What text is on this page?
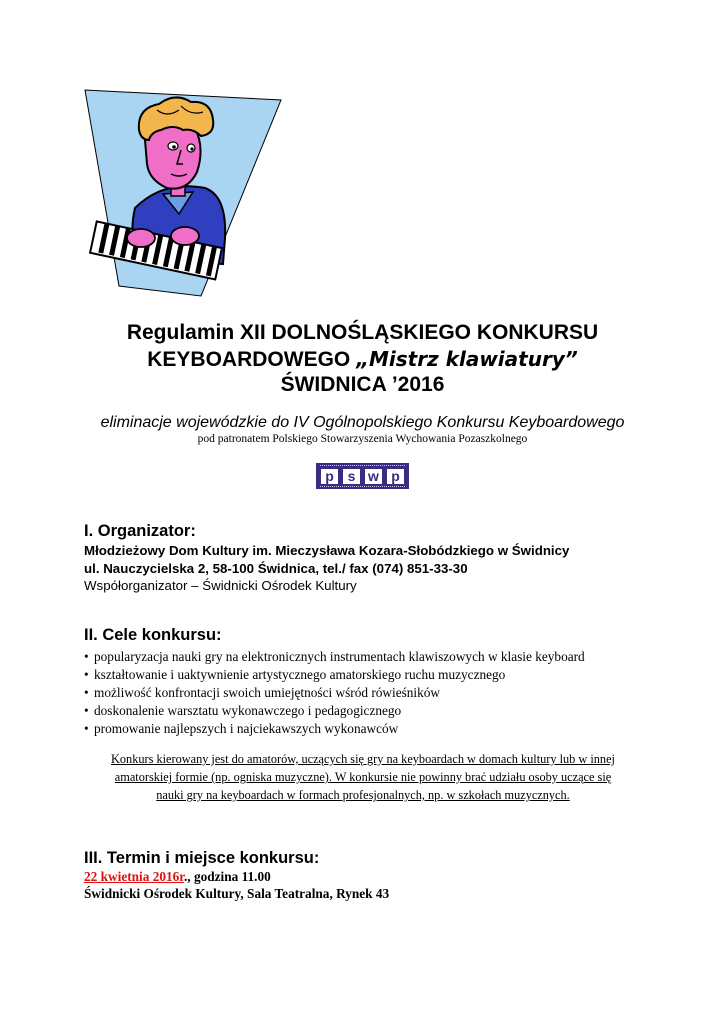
Regulamin XII DOLNOŚLĄSKIEGO KONKURSU
KEYBOARDOWEGO „Mistrz klawiatury”
ŚWIDNICA ’2016
eliminacje wojewódzkie do IV Ogólnopolskiego Konkursu Keyboardowego
pod patronatem Polskiego Stowarzyszenia Wychowania Pozaszkolnego
p s w p
I. Organizator:
Młodzieżowy Dom Kultury im. Mieczysława Kozara-Słobódzkiego w Świdnicy
ul. Nauczycielska 2, 58-100 Świdnica, tel./ fax (074) 851-33-30
Współorganizator – Świdnicki Ośrodek Kultury
II. Cele konkursu:
• popularyzacja nauki gry na elektronicznych instrumentach klawiszowych w klasie keyboard
• kształtowanie i uaktywnienie artystycznego amatorskiego ruchu muzycznego
• możliwość konfrontacji swoich umiejętności wśród rówieśników
• doskonalenie warsztatu wykonawczego i pedagogicznego
• promowanie najlepszych i najciekawszych wykonawców
Konkurs kierowany jest do amatorów, uczących się gry na keyboardach w domach kultury lub w innej
amatorskiej formie (np. ogniska muzyczne). W konkursie nie powinny brać udziału osoby uczące się
nauki gry na keyboardach w formach profesjonalnych, np. w szkołach muzycznych.
III. Termin i miejsce konkursu:
22 kwietnia 2016r., godzina 11.00
Świdnicki Ośrodek Kultury, Sala Teatralna, Rynek 43
